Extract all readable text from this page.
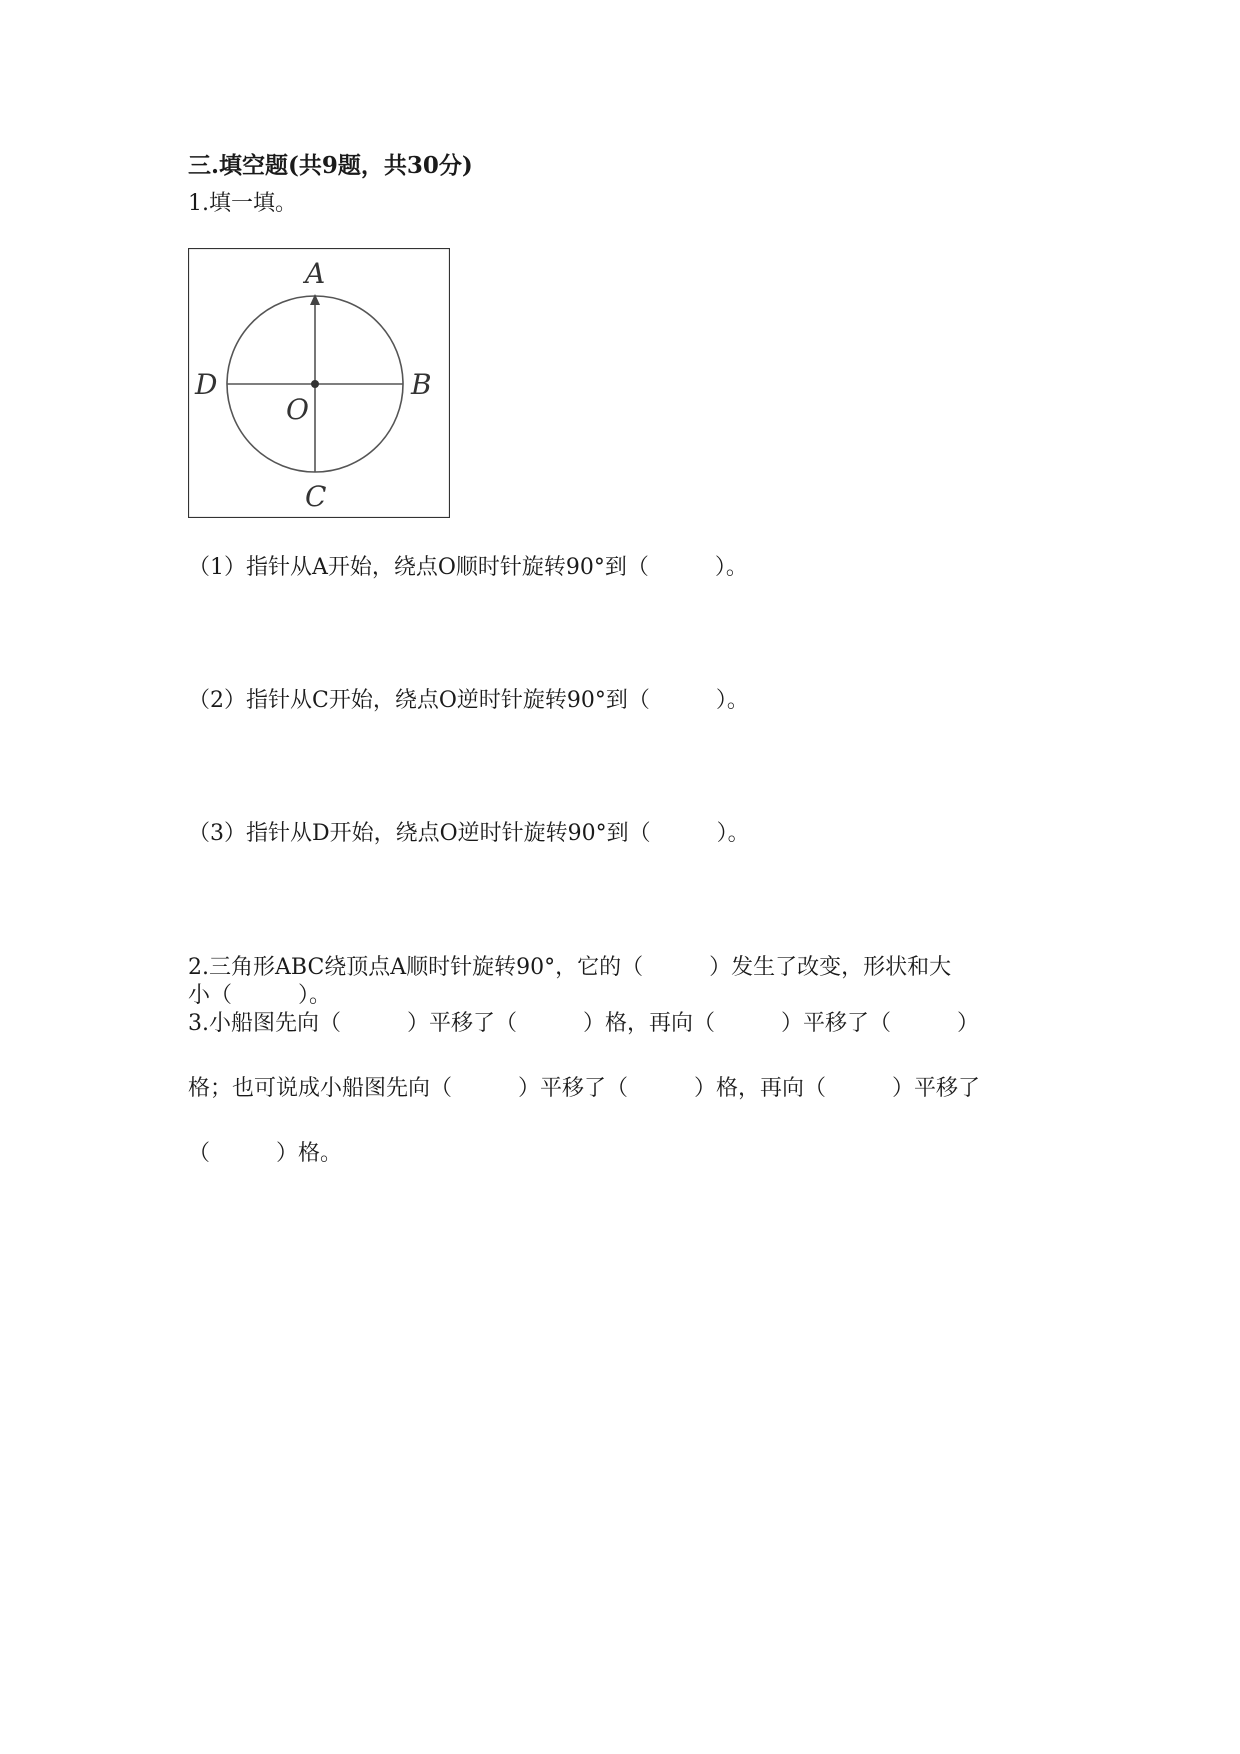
三.填空题(共9题，共30分)
1.填一填。
A
B
C
D
O
（1）指针从A开始，绕点O顺时针旋转90°到（　　　）。
（2）指针从C开始，绕点O逆时针旋转90°到（　　　）。
（3）指针从D开始，绕点O逆时针旋转90°到（　　　）。
2.三角形ABC绕顶点A顺时针旋转90°，它的（　　　）发生了改变，形状和大
小（　　　）。
3.小船图先向（　　　）平移了（　　　）格，再向（　　　）平移了（　　　）
格；也可说成小船图先向（　　　）平移了（　　　）格，再向（　　　）平移了
（　　　）格。
